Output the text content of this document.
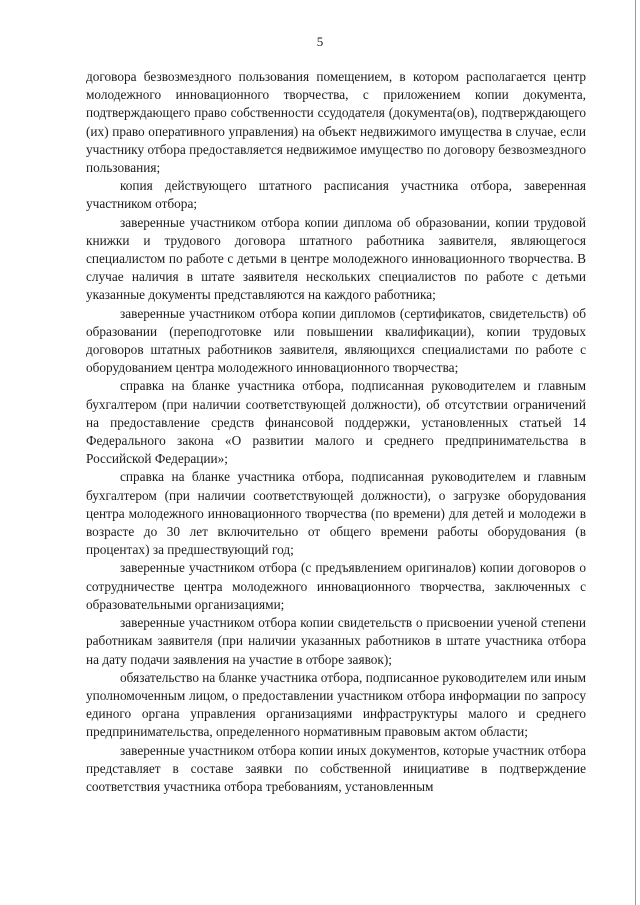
5

договора безвозмездного пользования помещением, в котором располагается центр молодежного инновационного творчества, с приложением копии документа, подтверждающего право собственности ссудодателя (документа(ов), подтверждающего (их) право оперативного управления) на объект недвижимого имущества в случае, если участнику отбора предоставляется недвижимое имущество по договору безвозмездного пользования;

копия действующего штатного расписания участника отбора, заверенная участником отбора;

заверенные участником отбора копии диплома об образовании, копии трудовой книжки и трудового договора штатного работника заявителя, являющегося специалистом по работе с детьми в центре молодежного инновационного творчества. В случае наличия в штате заявителя нескольких специалистов по работе с детьми указанные документы представляются на каждого работника;

заверенные участником отбора копии дипломов (сертификатов, свидетельств) об образовании (переподготовке или повышении квалификации), копии трудовых договоров штатных работников заявителя, являющихся специалистами по работе с оборудованием центра молодежного инновационного творчества;

справка на бланке участника отбора, подписанная руководителем и главным бухгалтером (при наличии соответствующей должности), об отсутствии ограничений на предоставление средств финансовой поддержки, установленных статьей 14 Федерального закона «О развитии малого и среднего предпринимательства в Российской Федерации»;

справка на бланке участника отбора, подписанная руководителем и главным бухгалтером (при наличии соответствующей должности), о загрузке оборудования центра молодежного инновационного творчества (по времени) для детей и молодежи в возрасте до 30 лет включительно от общего времени работы оборудования (в процентах) за предшествующий год;

заверенные участником отбора (с предъявлением оригиналов) копии договоров о сотрудничестве центра молодежного инновационного творчества, заключенных с образовательными организациями;

заверенные участником отбора копии свидетельств о присвоении ученой степени работникам заявителя (при наличии указанных работников в штате участника отбора на дату подачи заявления на участие в отборе заявок);

обязательство на бланке участника отбора, подписанное руководителем или иным уполномоченным лицом, о предоставлении участником отбора информации по запросу единого органа управления организациями инфраструктуры малого и среднего предпринимательства, определенного нормативным правовым актом области;

заверенные участником отбора копии иных документов, которые участник отбора представляет в составе заявки по собственной инициативе в подтверждение соответствия участника отбора требованиям, установленным
